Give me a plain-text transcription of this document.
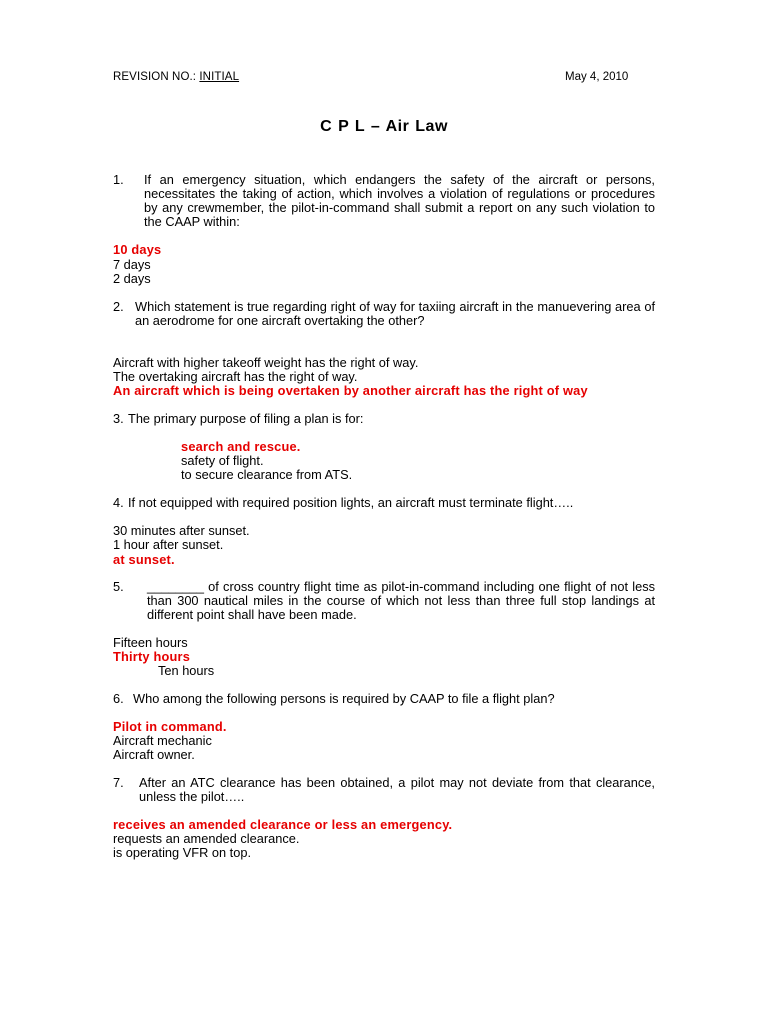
REVISION NO.: INITIAL	May 4, 2010
C P L – Air Law
1. If an emergency situation, which endangers the safety of the aircraft or persons, necessitates the taking of action, which involves a violation of regulations or procedures by any crewmember, the pilot-in-command shall submit a report on any such violation to the CAAP within:
10 days
7 days
2 days
2. Which statement is true regarding right of way for taxiing aircraft in the manuevering area of an aerodrome for one aircraft overtaking the other?
Aircraft with higher takeoff weight has the right of way.
The overtaking aircraft has the right of way.
An aircraft which is being overtaken by another aircraft has the right of way
3. The primary purpose of filing a plan is for:
search and rescue.
safety of flight.
to secure clearance from ATS.
4. If not equipped with required position lights, an aircraft must terminate flight…..
30 minutes after sunset.
1 hour after sunset.
at sunset.
5. ________ of cross country flight time as pilot-in-command including one flight of not less than 300 nautical miles in the course of which not less than three full stop landings at different point shall have been made.
Fifteen hours
Thirty hours
Ten hours
6. Who among the following persons is required by CAAP to file a flight plan?
Pilot in command.
Aircraft mechanic
Aircraft owner.
7. After an ATC clearance has been obtained, a pilot may not deviate from that clearance, unless the pilot…..
receives an amended clearance or less an emergency.
requests an amended clearance.
is operating VFR on top.
